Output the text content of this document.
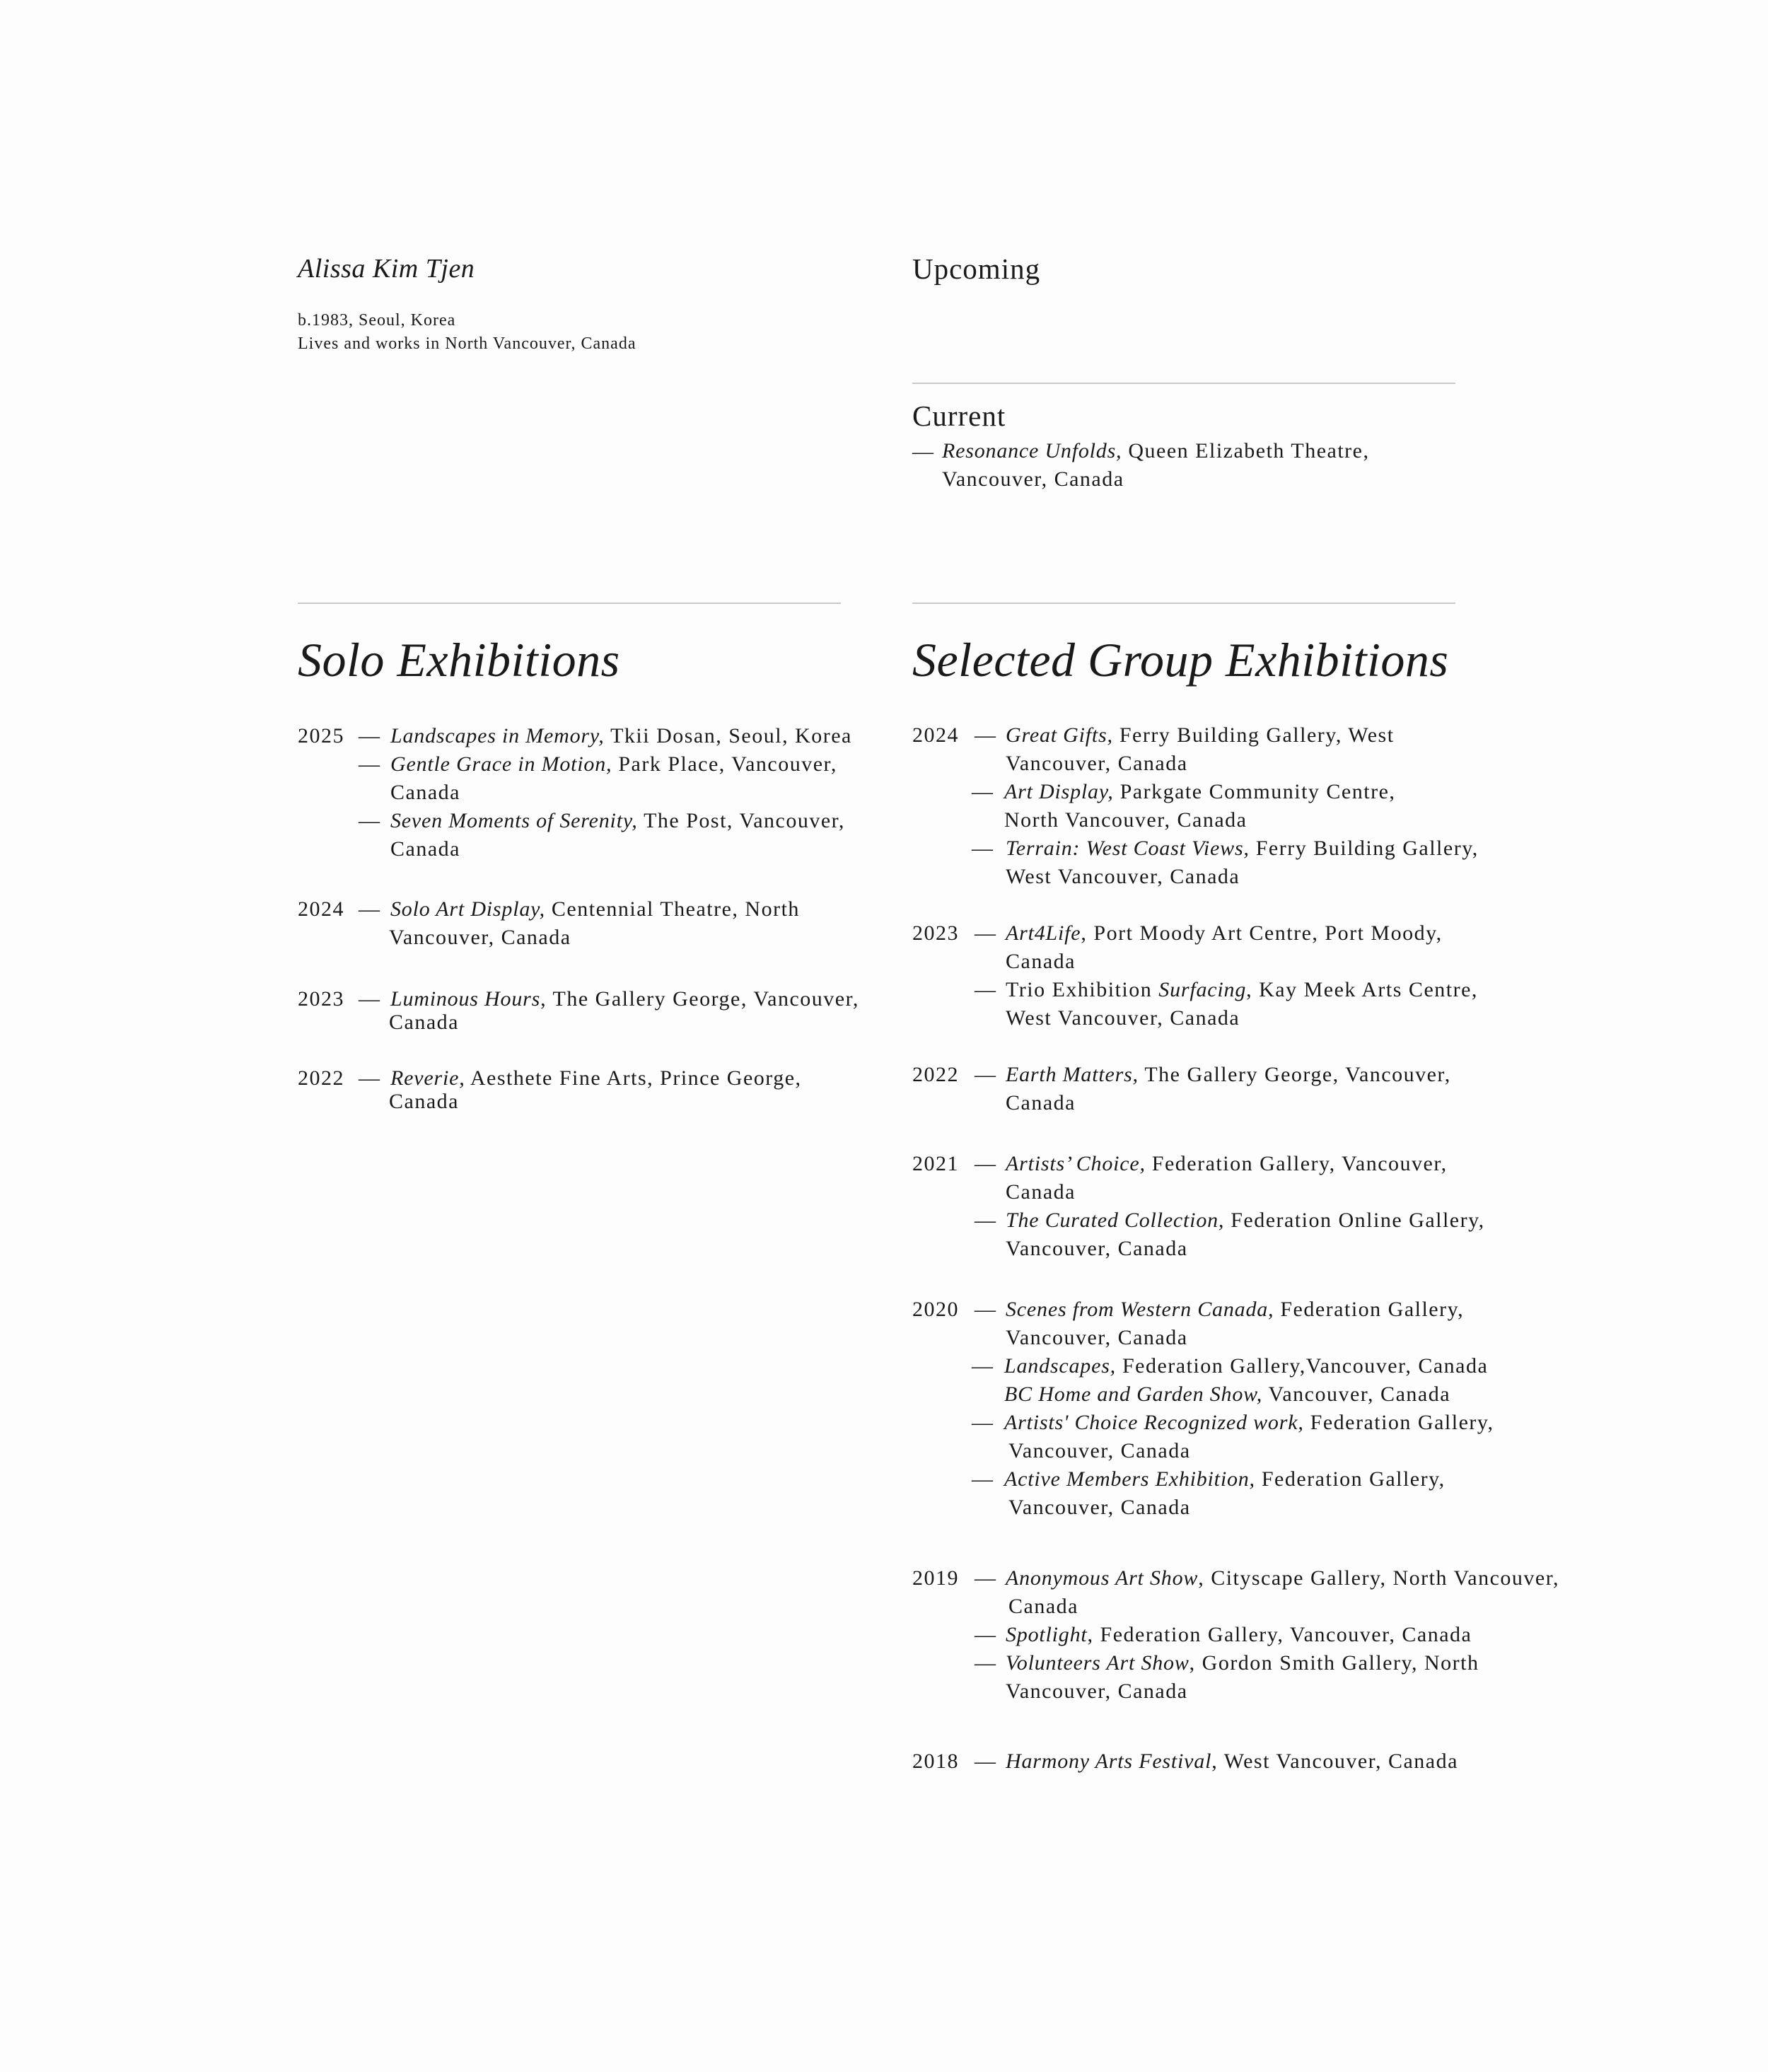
Alissa Kim Tjen
b.1983, Seoul, Korea
Lives and works in North Vancouver, Canada
Upcoming
Current
— Resonance Unfolds, Queen Elizabeth Theatre,
Vancouver, Canada
Solo Exhibitions	Selected Group Exhibitions
2025 — Landscapes in Memory, Tkii Dosan, Seoul, Korea
— Gentle Grace in Motion, Park Place, Vancouver,
Canada
— Seven Moments of Serenity, The Post, Vancouver,
Canada
2024 — Solo Art Display, Centennial Theatre, North
Vancouver, Canada
2023 — Luminous Hours, The Gallery George, Vancouver,
Canada
2022 — Reverie, Aesthete Fine Arts, Prince George,
Canada
2024 — Great Gifts, Ferry Building Gallery, West
Vancouver, Canada
— Art Display, Parkgate Community Centre,
North Vancouver, Canada
— Terrain: West Coast Views, Ferry Building Gallery,
West Vancouver, Canada
2023 — Art4Life, Port Moody Art Centre, Port Moody,
Canada
— Trio Exhibition Surfacing, Kay Meek Arts Centre,
West Vancouver, Canada
2022 — Earth Matters, The Gallery George, Vancouver,
Canada
2021 — Artists’ Choice, Federation Gallery, Vancouver,
Canada
— The Curated Collection, Federation Online Gallery,
Vancouver, Canada
2020 — Scenes from Western Canada, Federation Gallery,
Vancouver, Canada
— Landscapes, Federation Gallery,Vancouver, Canada
BC Home and Garden Show, Vancouver, Canada
— Artists' Choice Recognized work, Federation Gallery,
Vancouver, Canada
— Active Members Exhibition, Federation Gallery,
Vancouver, Canada
2019 — Anonymous Art Show, Cityscape Gallery, North Vancouver,
Canada
— Spotlight, Federation Gallery, Vancouver, Canada
— Volunteers Art Show, Gordon Smith Gallery, North
Vancouver, Canada
2018 — Harmony Arts Festival, West Vancouver, Canada
